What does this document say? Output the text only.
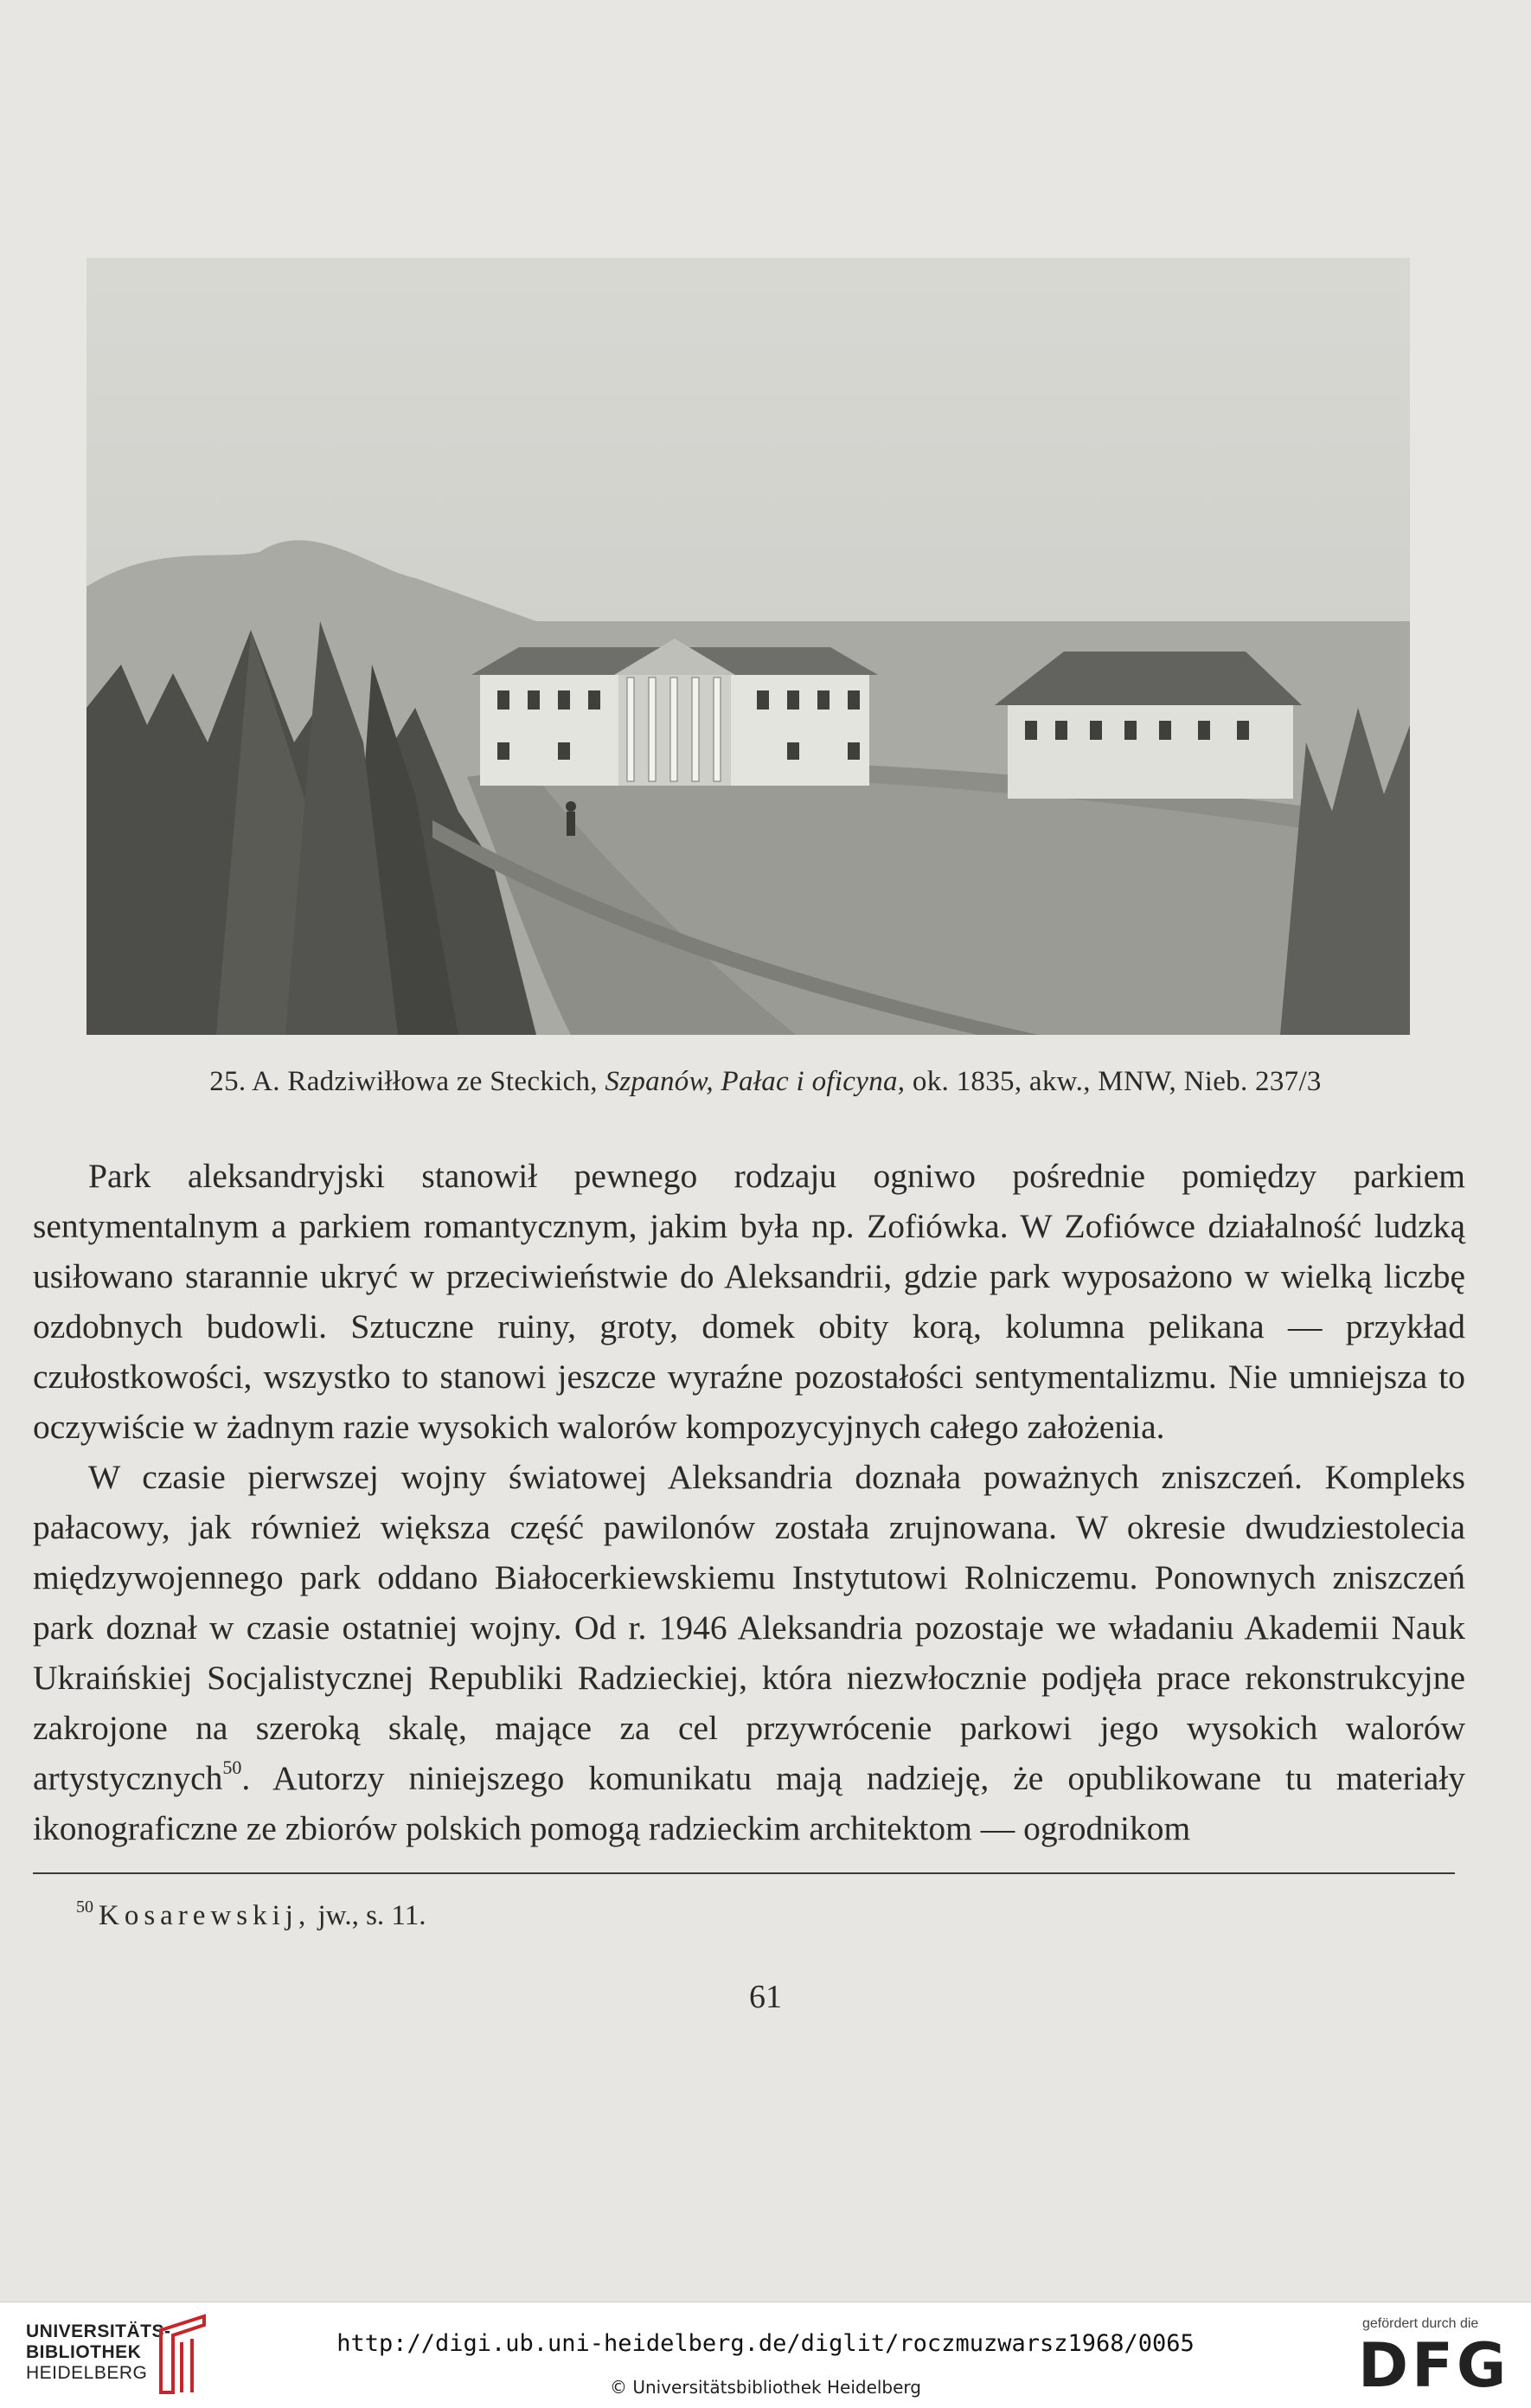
25. A. Radziwiłłowa ze Steckich, Szpanów, Pałac i oficyna, ok. 1835, akw., MNW, Nieb. 237/3

Park aleksandryjski stanowił pewnego rodzaju ogniwo pośrednie pomiędzy parkiem sentymentalnym a parkiem romantycznym, jakim była np. Zofiówka. W Zofiówce działalność ludzką usiłowano starannie ukryć w przeciwieństwie do Aleksandrii, gdzie park wyposażono w wielką liczbę ozdobnych budowli. Sztuczne ruiny, groty, domek obity korą, kolumna pelikana — przykład czułostkowości, wszystko to stanowi jeszcze wyraźne pozostałości sentymentalizmu. Nie umniejsza to oczywiście w żadnym razie wysokich walorów kompozycyjnych całego założenia.

W czasie pierwszej wojny światowej Aleksandria doznała poważnych zniszczeń. Kompleks pałacowy, jak również większa część pawilonów została zrujnowana. W okresie dwudziestolecia międzywojennego park oddano Białocerkiewskiemu Instytutowi Rolniczemu. Ponownych zniszczeń park doznał w czasie ostatniej wojny. Od r. 1946 Aleksandria pozostaje we władaniu Akademii Nauk Ukraińskiej Socjalistycznej Republiki Radzieckiej, która niezwłocznie podjęła prace rekonstrukcyjne zakrojone na szeroką skalę, mające za cel przywrócenie parkowi jego wysokich walorów artystycznych$^{50}$. Autorzy niniejszego komunikatu mają nadzieję, że opublikowane tu materiały ikonograficzne ze zbiorów polskich pomogą radzieckim architektom — ogrodnikom

$^{50}$ Kosarewskij, jw., s. 11.
61
UNIVERSITÄTS-
BIBLIOTHEK
HEIDELBERG
http://digi.ub.uni-heidelberg.de/diglit/roczmuzwarsz1968/0065
© Universitätsbibliothek Heidelberg
gefördert durch die
DFG
